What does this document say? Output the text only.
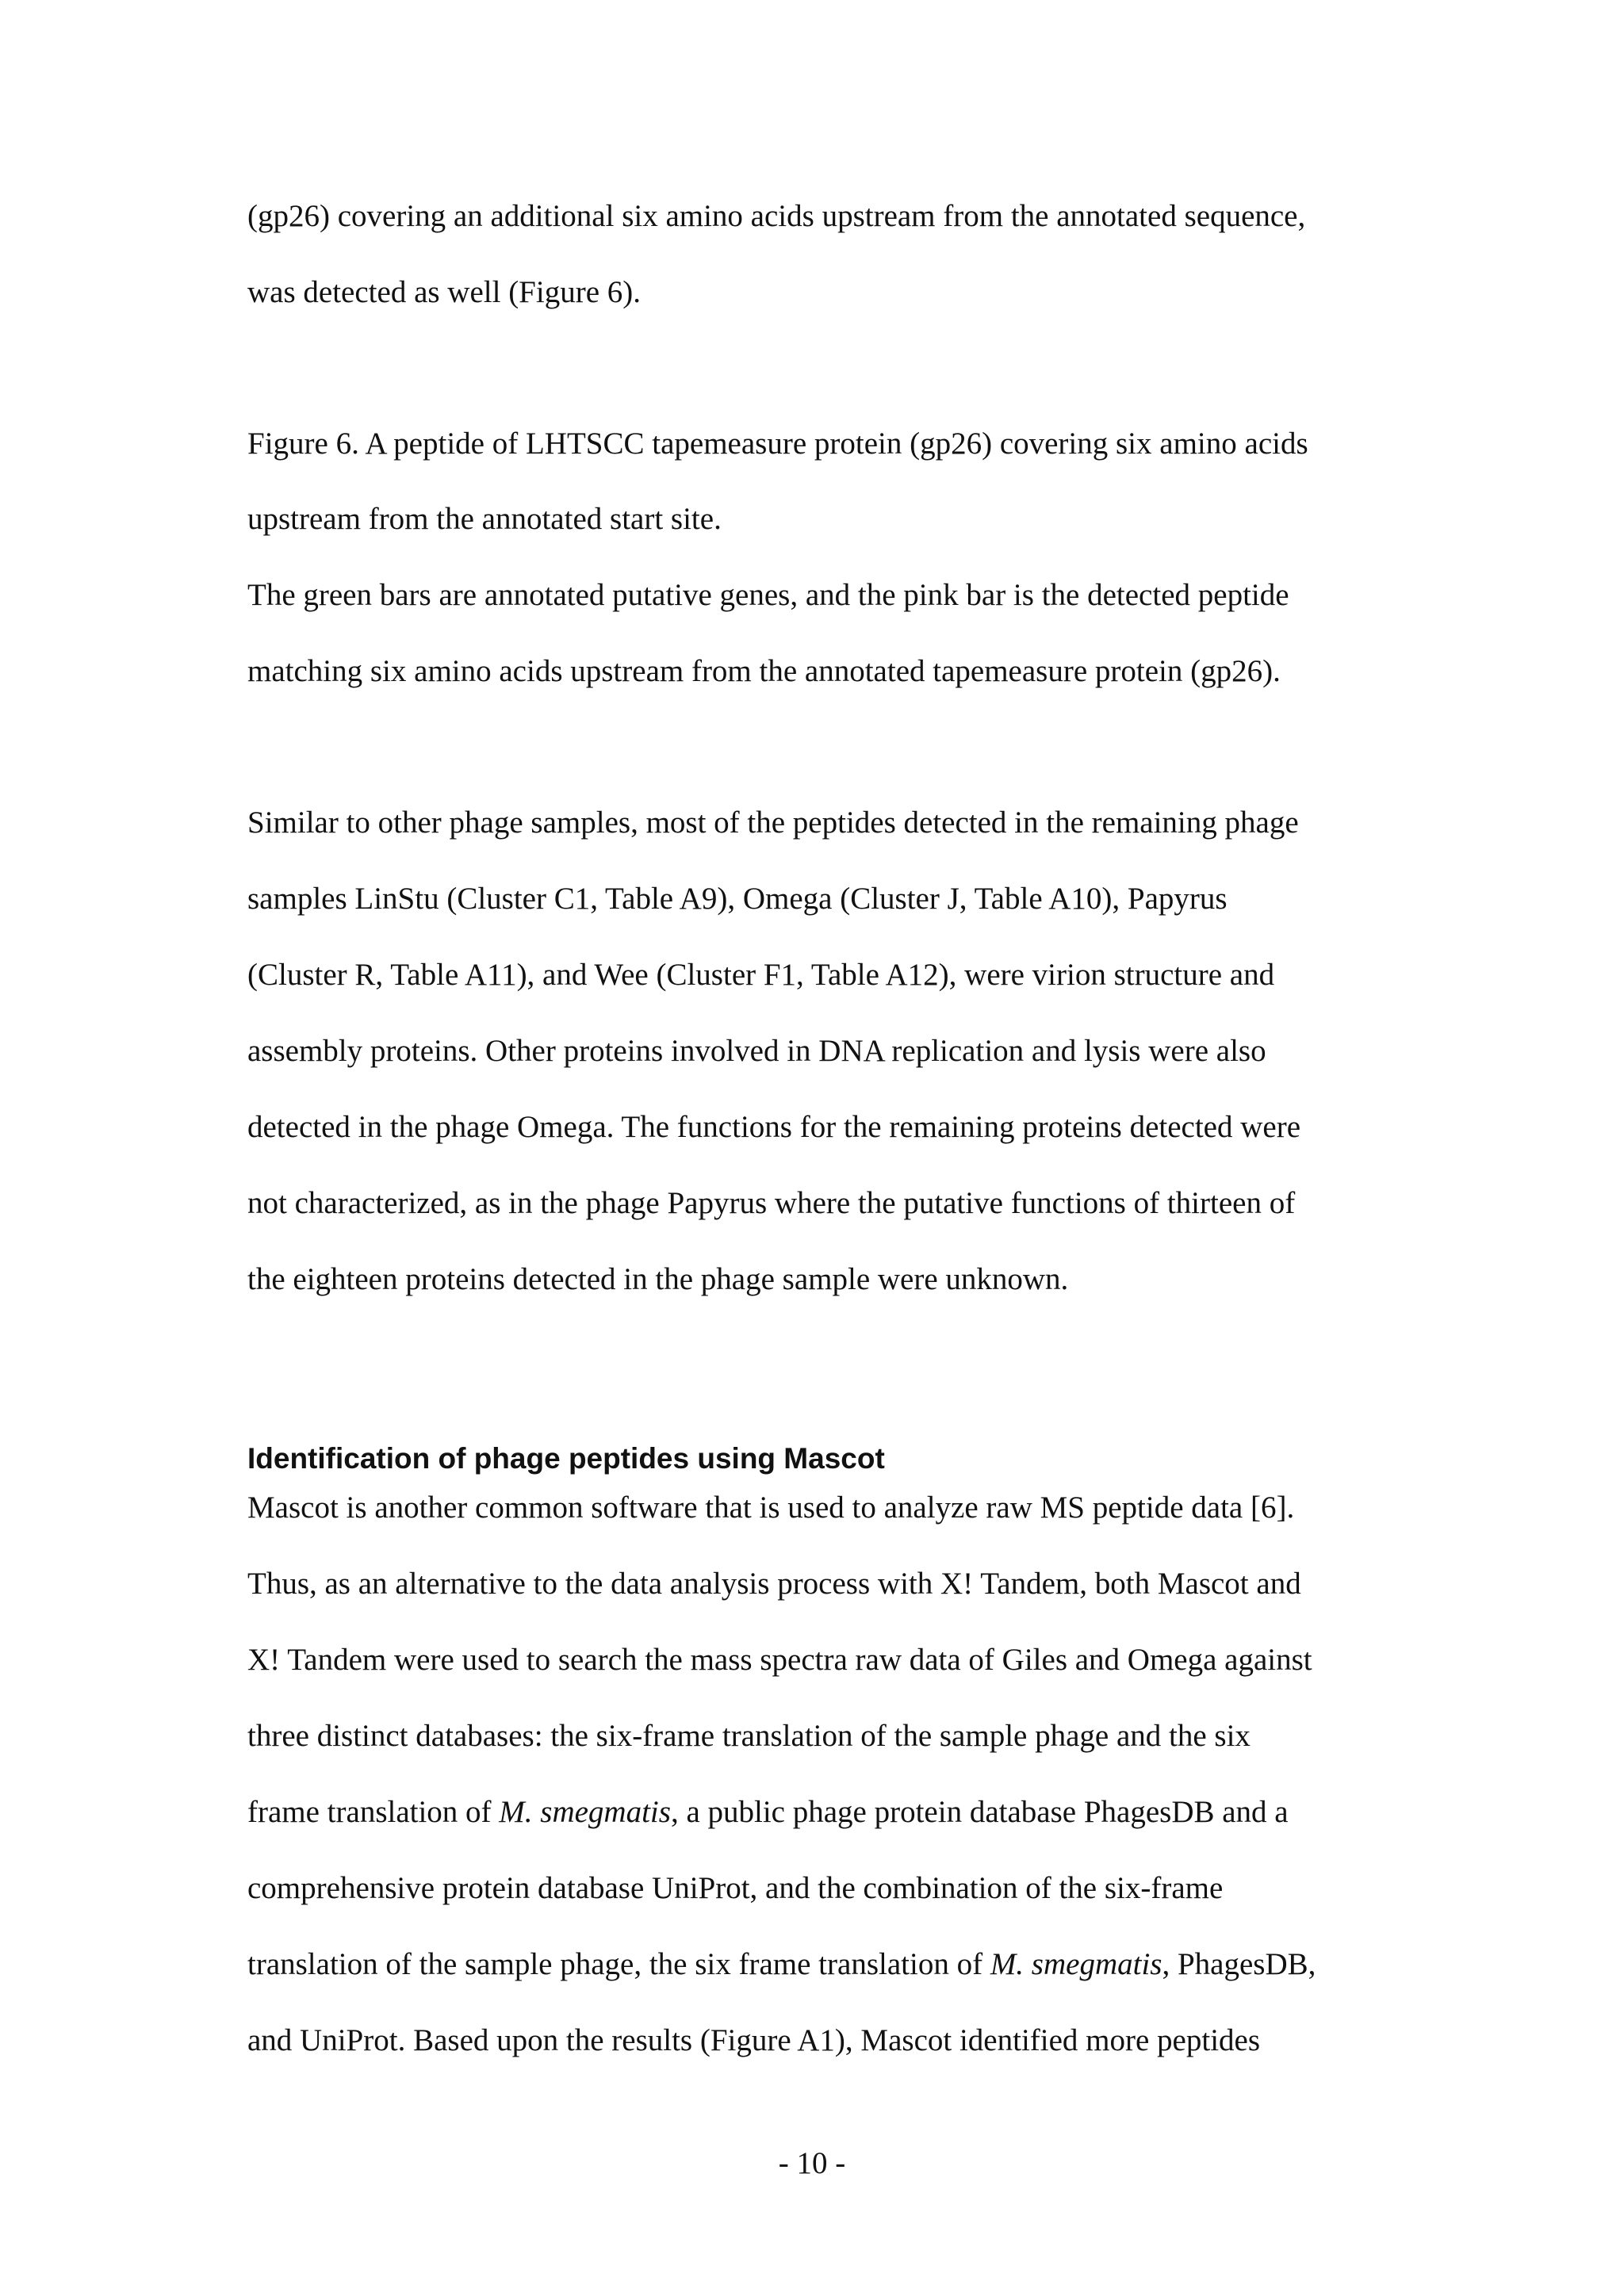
(gp26) covering an additional six amino acids upstream from the annotated sequence,
was detected as well (Figure 6).
Figure 6. A peptide of LHTSCC tapemeasure protein (gp26) covering six amino acids
upstream from the annotated start site.
The green bars are annotated putative genes, and the pink bar is the detected peptide
matching six amino acids upstream from the annotated tapemeasure protein (gp26).
Similar to other phage samples, most of the peptides detected in the remaining phage
samples LinStu (Cluster C1, Table A9), Omega (Cluster J, Table A10), Papyrus
(Cluster R, Table A11), and Wee (Cluster F1, Table A12), were virion structure and
assembly proteins. Other proteins involved in DNA replication and lysis were also
detected in the phage Omega. The functions for the remaining proteins detected were
not characterized, as in the phage Papyrus where the putative functions of thirteen of
the eighteen proteins detected in the phage sample were unknown.
Identification of phage peptides using Mascot
Mascot is another common software that is used to analyze raw MS peptide data [6].
Thus, as an alternative to the data analysis process with X! Tandem, both Mascot and
X! Tandem were used to search the mass spectra raw data of Giles and Omega against
three distinct databases: the six-frame translation of the sample phage and the six
frame translation of M. smegmatis, a public phage protein database PhagesDB and a
comprehensive protein database UniProt, and the combination of the six-frame
translation of the sample phage, the six frame translation of M. smegmatis, PhagesDB,
and UniProt. Based upon the results (Figure A1), Mascot identified more peptides
- 10 -
